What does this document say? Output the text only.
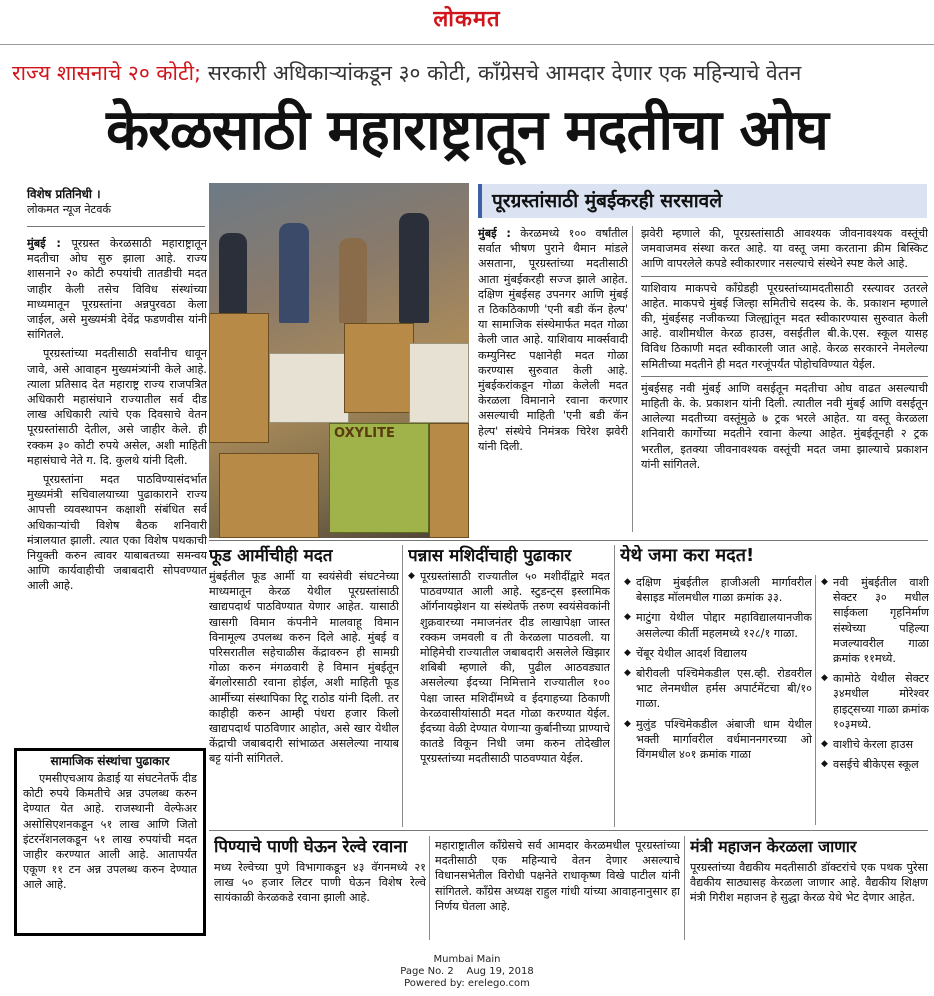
लोकमत
राज्य शासनाचे २० कोटी; सरकारी अधिकाऱ्यांकडून ३० कोटी, काँग्रेसचे आमदार देणार एक महिन्याचे वेतन
केरळसाठी महाराष्ट्रातून मदतीचा ओघ
विशेष प्रतिनिधी ।
लोकमत न्यूज नेटवर्क

मुंबई : पूरग्रस्त केरळसाठी महाराष्ट्रातून मदतीचा ओघ सुरु झाला आहे. राज्य शासनाने २० कोटी रुपयांची तातडीची मदत जाहीर केली तसेच विविध संस्थांच्या माध्यमातून पूरग्रस्तांना अन्नपुरवठा केला जाईल, असे मुख्यमंत्री देवेंद्र फडणवीस यांनी सांगितले.

पूरग्रस्तांच्या मदतीसाठी सर्वांनीच धावून जावे, असे आवाहन मुख्यमंत्र्यांनी केले आहे. त्याला प्रतिसाद देत महाराष्ट्र राज्य राजपत्रित अधिकारी महासंघाने राज्यातील सर्व दीड लाख अधिकारी त्यांचे एक दिवसाचे वेतन पूरग्रस्तांसाठी देतील, असे जाहीर केले. ही रक्कम ३० कोटी रुपये असेल, अशी माहिती महासंघाचे नेते ग. दि. कुलथे यांनी दिली.

पूरग्रस्तांना मदत पाठविण्यासंदर्भात मुख्यमंत्री सचिवालयाच्या पुढाकाराने राज्य आपत्ती व्यवस्थापन कक्षाशी संबंधित सर्व अधिकाऱ्यांची विशेष बैठक शनिवारी मंत्रालयात झाली. त्यात एका विशेष पथकाची नियुक्ती करुन त्वावर याबाबतच्या समन्वय आणि कार्यवाहीची जबाबदारी सोपवण्यात आली आहे.

सामाजिक संस्थांचा पुढाकार

एमसीएचआय क्रेडाई या संघटनेतर्फे दीड कोटी रुपये किमतीचे अन्न उपलब्ध करुन देण्यात येत आहे. राजस्थानी वेल्फेअर असोसिएशनकडून ५१ लाख आणि जितो इंटरनॅशनलकडून ५१ लाख रुपयांची मदत जाहीर करण्यात आली आहे. आतापर्यंत एकूण ११ टन अन्न उपलब्ध करुन देण्यात आले आहे.

OXYLITE
पूरग्रस्तांसाठी मुंबईकरही सरसावले

मुंबई : केरळमध्ये १०० वर्षांतील सर्वात भीषण पुराने थैमान मांडले असताना, पूरग्रस्तांच्या मदतीसाठी आता मुंबईकरही सज्ज झाले आहेत. दक्षिण मुंबईसह उपनगर आणि मुंबई त ठिकठिकाणी 'एनी बडी कॅन हेल्प' या सामाजिक संस्थेमार्फत मदत गोळा केली जात आहे. याशिवाय मार्क्सवादी कम्युनिस्ट पक्षानेही मदत गोळा करण्यास सुरुवात केली आहे. मुंबईकरांकडून गोळा केलेली मदत केरळला विमानाने रवाना करणार असल्याची माहिती 'एनी बडी कॅन हेल्प' संस्थेचे निमंत्रक चिरेश झवेरी यांनी दिली.

झवेरी म्हणाले की, पूरग्रस्तांसाठी आवश्यक जीवनावश्यक वस्तूंची जमवाजमव संस्था करत आहे. या वस्तू जमा करताना क्रीम बिस्किट आणि वापरलेले कपडे स्वीकारणार नसल्याचे संस्थेने स्पष्ट केले आहे.

याशिवाय माकपचे काँग्रेडही पूरग्रस्तांच्यामदतीसाठी रस्त्यावर उतरले आहेत. माकपचे मुंबई जिल्हा समितीचे सदस्य के. के. प्रकाशन म्हणाले की, मुंबईसह नजीकच्या जिल्ह्यांतून मदत स्वीकारण्यास सुरुवात केली आहे. वाशीमधील केरळ हाउस, वसईतील बी.के.एस. स्कूल यासह विविध ठिकाणी मदत स्वीकारली जात आहे. केरळ सरकारने नेमलेल्या समितीच्या मदतीने ही मदत गरजूंपर्यंत पोहोचविण्यात येईल.

मुंबईसह नवी मुंबई आणि वसईतून मदतीचा ओघ वाढत असल्याची माहिती के. के. प्रकाशन यांनी दिली. त्यातील नवी मुंबई आणि वसईतून आलेल्या मदतीच्या वस्तूंमुळे ७ ट्रक भरले आहेत. या वस्तू केरळला शनिवारी कार्गोच्या मदतीने रवाना केल्या आहेत. मुंबईतूनही २ ट्रक भरतील, इतक्या जीवनावश्यक वस्तूंची मदत जमा झाल्याचे प्रकाशन यांनी सांगितले.

फूड आर्मीचीही मदत

मुंबईतील फूड आर्मी या स्वयंसेवी संघटनेच्या माध्यमातून केरळ येथील पूरग्रस्तांसाठी खाद्यपदार्थ पाठविण्यात येणार आहेत. यासाठी खासगी विमान कंपनीने मालवाहू विमान विनामूल्य उपलब्ध करुन दिले आहे. मुंबई व परिसरातील सहेचाळीस केंद्रावरुन ही सामग्री गोळा करुन मंगळवारी हे विमान मुंबईतून बेंगलोरसाठी रवाना होईल, अशी माहिती फूड आर्मीच्या संस्थापिका रिटू राठोड यांनी दिली. तर काहीही करुन आम्ही पंधरा हजार किलो खाद्यपदार्थ पाठविणार आहोत, असे खार येथील केंद्राची जबाबदारी सांभाळत असलेल्या नायाब बट्ट यांनी सांगितले.

पन्नास मशिदींचाही पुढाकार
◆ पूरग्रस्तांसाठी राज्यातील ५० मशीदींद्वारे मदत पाठवण्यात आली आहे. स्टुडन्ट्स इस्लामिक ऑर्गनायझेशन या संस्थेतर्फे तरुण स्वयंसेवकांनी शुक्रवारच्या नमाजनंतर दीड लाखापेक्षा जास्त रक्कम जमवली व ती केरळला पाठवली. या मोहिमेची राज्यातील जबाबदारी असलेले खिझार शबिबी म्हणाले की, पुढील आठवड्यात असलेल्या ईदच्या निमित्ताने राज्यातील १०० पेक्षा जास्त मशिदींमध्ये व ईदगाहच्या ठिकाणी केरळवासीयांसाठी मदत गोळा करण्यात येईल. ईदच्या वेळी देण्यात येणाऱ्या कुर्बानीच्या प्राण्याचे कातडे विकून निधी जमा करुन तोदेखील पूरग्रस्तांच्या मदतीसाठी पाठवण्यात येईल.
येथे जमा करा मदत!
◆ दक्षिण मुंबईतील हाजीअली मार्गावरील बेसाइड मॉलमधील गाळा क्रमांक ३३.
◆ माटुंगा येथील पोद्दार महाविद्यालयानजीक असलेल्या कीर्ती महलमध्ये १२८/१ गाळा.
◆ चेंबूर येथील आदर्श विद्यालय
◆ बोरीवली पश्चिमेकडील एस.व्ही. रोडवरील भाट लेनमधील हर्मस अपार्टमेंटचा बी/१० गाळा.
◆ मुलुंड पश्चिमेकडील अंबाजी धाम येथील भक्ती मार्गावरील वर्धमाननगरच्या ओ विंगमधील ४०१ क्रमांक गाळा
◆ नवी मुंबईतील वाशी सेक्टर ३० मधील साईकला गृहनिर्माण संस्थेच्या पहिल्या मजल्यावरील गाळा क्रमांक ११मध्ये.
◆ कामोठे येथील सेक्टर ३४मधील मोरेश्वर हाइट्सच्या गाळा क्रमांक १०३मध्ये.
◆ वाशीचे केरला हाउस
◆ वसईचे बीकेएस स्कूल
पिण्याचे पाणी घेऊन रेल्वे रवाना

मध्य रेल्वेच्या पुणे विभागाकडून ४३ वॅगनमध्ये २१ लाख ५० हजार लिटर पाणी घेऊन विशेष रेल्वे सायंकाळी केरळकडे रवाना झाली आहे.

महाराष्ट्रातील काँग्रेसचे सर्व आमदार केरळमधील पूरग्रस्तांच्या मदतीसाठी एक महिन्याचे वेतन देणार असल्याचे विधानसभेतील विरोधी पक्षनेते राधाकृष्ण विखे पाटील यांनी सांगितले. काँग्रेस अध्यक्ष राहुल गांधी यांच्या आवाहनानुसार हा निर्णय घेतला आहे.

मंत्री महाजन केरळला जाणार

पूरग्रस्तांच्या वैद्यकीय मदतीसाठी डॉक्टरांचे एक पथक पुरेसा वैद्यकीय साठ्यासह केरळला जाणार आहे. वैद्यकीय शिक्षण मंत्री गिरीश महाजन हे सुद्धा केरळ येथे भेट देणार आहेत.

Mumbai Main
Page No. 2 Aug 19, 2018
Powered by: erelego.com
